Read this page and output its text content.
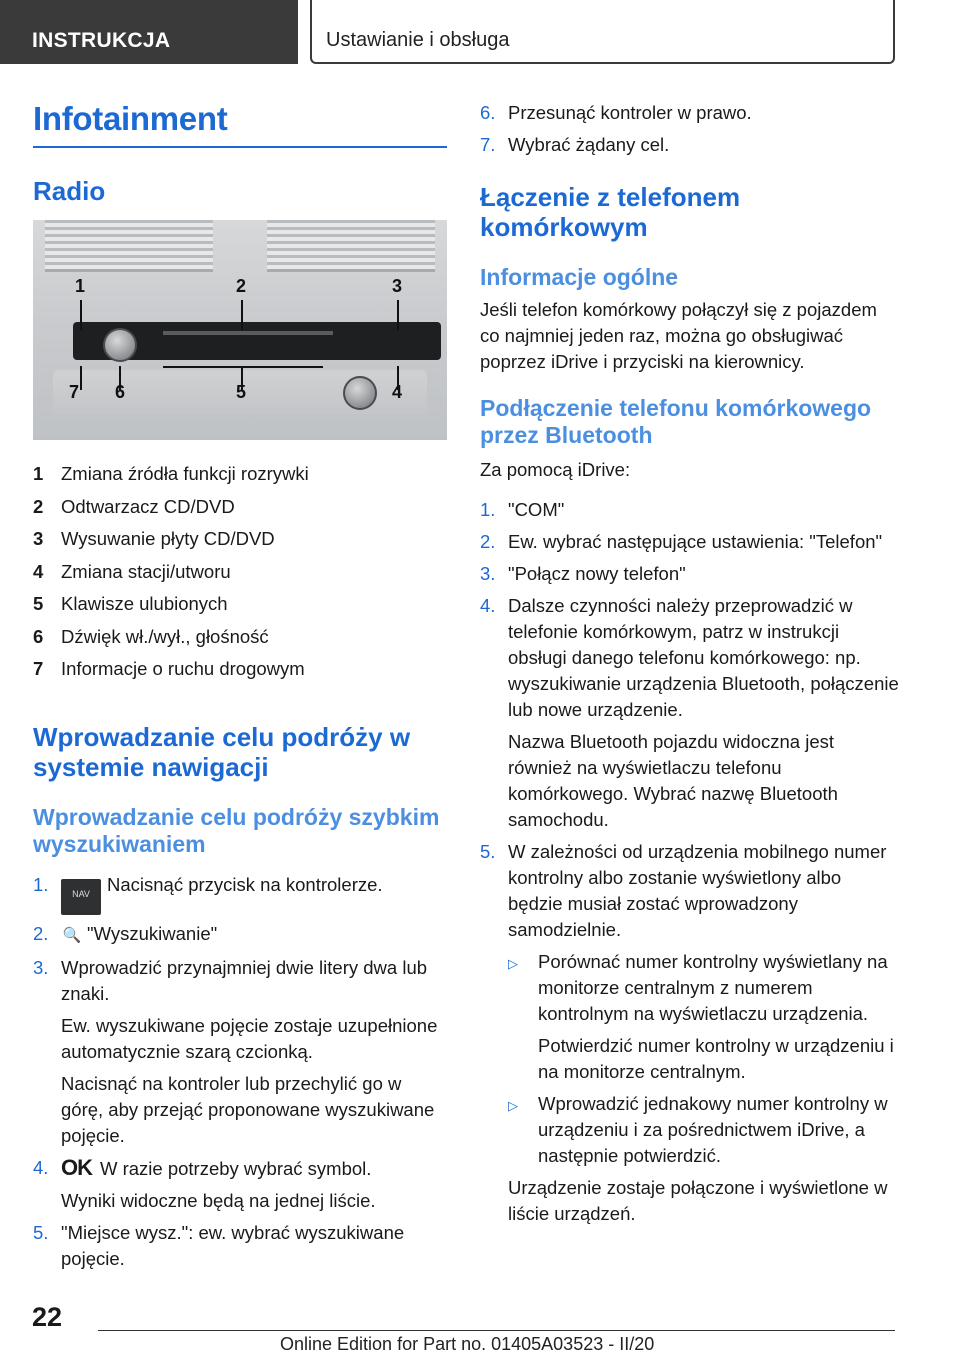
INSTRUKCJA	Ustawianie i obsługa
Infotainment
Radio
1	2	3
4
5
6
7
1 Zmiana źródła funkcji rozrywki
2 Odtwarzacz CD/DVD
3 Wysuwanie płyty CD/DVD
4 Zmiana stacji/utworu
5 Klawisze ulubionych
6 Dźwięk wł./wył., głośność
7 Informacje o ruchu drogowym
Wprowadzanie celu podróży w systemie nawigacji
Wprowadzanie celu podróży szybkim wyszukiwaniem
1.	NAV Nacisnąć przycisk na kontrolerze.
2. 🔍 "Wyszukiwanie"
3. Wprowadzić przynajmniej dwie litery dwa lub znaki.

Ew. wyszukiwane pojęcie zostaje uzupełnione automatycznie szarą czcionką.

Nacisnąć na kontroler lub przechylić go w górę, aby przejąć proponowane wyszukiwane pojęcie.

4. OK W razie potrzeby wybrać symbol.

Wyniki widoczne będą na jednej liście.

5. "Miejsce wysz.": ew. wybrać wyszukiwane pojęcie.
6. Przesunąć kontroler w prawo.
7. Wybrać żądany cel.
Łączenie z telefonem komórkowym
Informacje ogólne

Jeśli telefon komórkowy połączył się z pojazdem co najmniej jeden raz, można go obsługiwać poprzez iDrive i przyciski na kierownicy.

Podłączenie telefonu komórkowego przez Bluetooth

Za pomocą iDrive:

1. "COM"
2. Ew. wybrać następujące ustawienia: "Telefon"
3. "Połącz nowy telefon"
4. Dalsze czynności należy przeprowadzić w telefonie komórkowym, patrz w instrukcji obsługi danego telefonu komórkowego: np. wyszukiwanie urządzenia Bluetooth, połączenie lub nowe urządzenie.

Nazwa Bluetooth pojazdu widoczna jest również na wyświetlaczu telefonu komórkowego. Wybrać nazwę Bluetooth samochodu.

5. W zależności od urządzenia mobilnego numer kontrolny albo zostanie wyświetlony albo będzie musiał zostać wprowadzony samodzielnie.

▷	Porównać numer kontrolny wyświetlany na monitorze centralnym z numerem kontrolnym na wyświetlaczu urządzenia.

Potwierdzić numer kontrolny w urządzeniu i na monitorze centralnym.

▷	Wprowadzić jednakowy numer kontrolny w urządzeniu i za pośrednictwem iDrive, a następnie potwierdzić.

Urządzenie zostaje połączone i wyświetlone w liście urządzeń.

22
Online Edition for Part no. 01405A03523 - II/20
